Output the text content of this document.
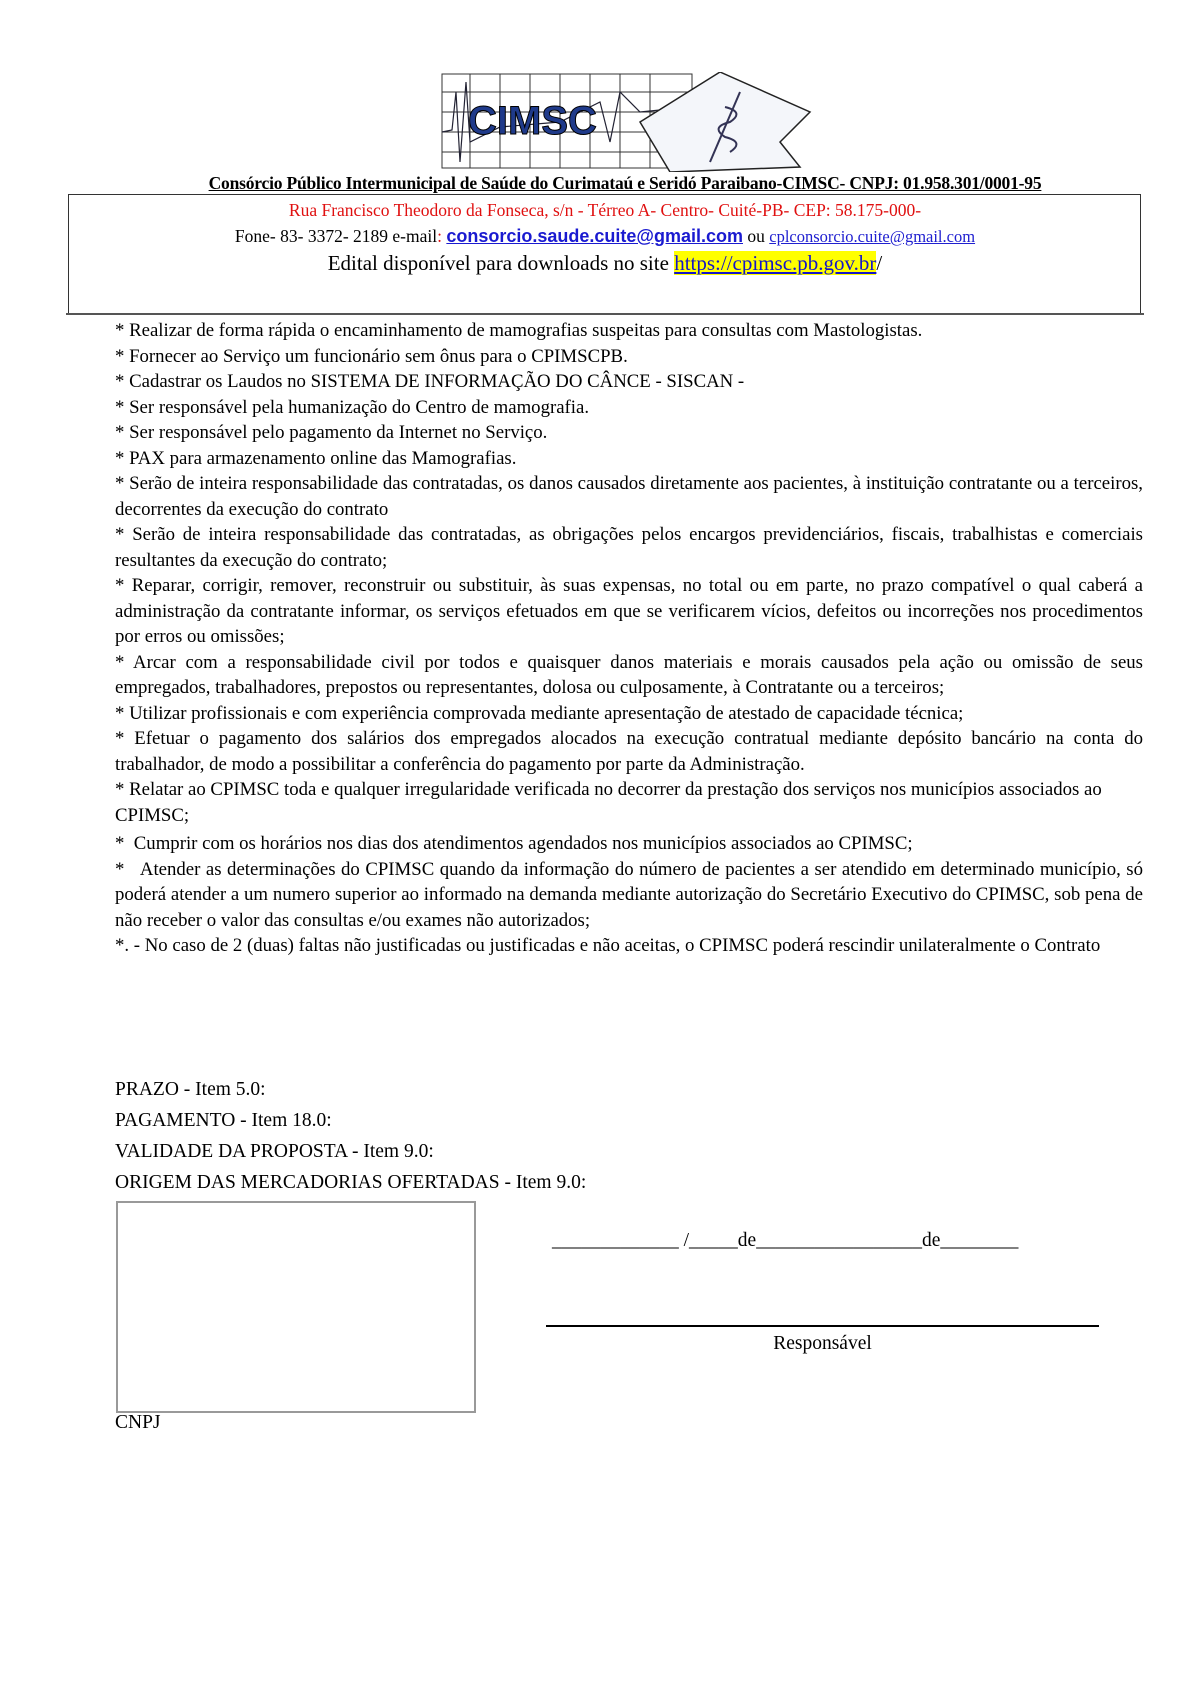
CIMSC
Consórcio Público Intermunicipal de Saúde do Curimataú e Seridó Paraibano-CIMSC- CNPJ: 01.958.301/0001-95
Rua Francisco Theodoro da Fonseca, s/n - Térreo A- Centro- Cuité-PB- CEP: 58.175-000-
Fone- 83- 3372- 2189 e-mail: consorcio.saude.cuite@gmail.com ou cplconsorcio.cuite@gmail.com
Edital disponível para downloads no site https://cpimsc.pb.gov.br/

* Realizar de forma rápida o encaminhamento de mamografias suspeitas para consultas com Mastologistas.

* Fornecer ao Serviço um funcionário sem ônus para o CPIMSCPB.

* Cadastrar os Laudos no SISTEMA DE INFORMAÇÃO DO CÂNCE - SISCAN -

* Ser responsável pela humanização do Centro de mamografia.

* Ser responsável pelo pagamento da Internet no Serviço.

* PAX para armazenamento online das Mamografias.

* Serão de inteira responsabilidade das contratadas, os danos causados diretamente aos pacientes, à instituição contratante ou a terceiros, decorrentes da execução do contrato

* Serão de inteira responsabilidade das contratadas, as obrigações pelos encargos previdenciários, fiscais, trabalhistas e comerciais resultantes da execução do contrato;

* Reparar, corrigir, remover, reconstruir ou substituir, às suas expensas, no total ou em parte, no prazo compatível o qual caberá a administração da contratante informar, os serviços efetuados em que se verificarem vícios, defeitos ou incorreções nos procedimentos por erros ou omissões;

* Arcar com a responsabilidade civil por todos e quaisquer danos materiais e morais causados pela ação ou omissão de seus empregados, trabalhadores, prepostos ou representantes, dolosa ou culposamente, à Contratante ou a terceiros;

* Utilizar profissionais e com experiência comprovada mediante apresentação de atestado de capacidade técnica;

* Efetuar o pagamento dos salários dos empregados alocados na execução contratual mediante depósito bancário na conta do trabalhador, de modo a possibilitar a conferência do pagamento por parte da Administração.

* Relatar ao CPIMSC toda e qualquer irregularidade verificada no decorrer da prestação dos serviços nos municípios associados ao CPIMSC;

*  Cumprir com os horários nos dias dos atendimentos agendados nos municípios associados ao CPIMSC;

*   Atender as determinações do CPIMSC quando da informação do número de pacientes a ser atendido em determinado município, só poderá atender a um numero superior ao informado na demanda mediante autorização do Secretário Executivo do CPIMSC, sob pena de não receber o valor das consultas e/ou exames não autorizados;

*. - No caso de 2 (duas) faltas não justificadas ou justificadas e não aceitas, o CPIMSC poderá rescindir unilateralmente o Contrato

PRAZO - Item 5.0:
PAGAMENTO - Item 18.0:
VALIDADE DA PROPOSTA - Item 9.0:
ORIGEM DAS MERCADORIAS OFERTADAS - Item 9.0:
CNPJ
_____________ /_____de_________________de________
Responsável
